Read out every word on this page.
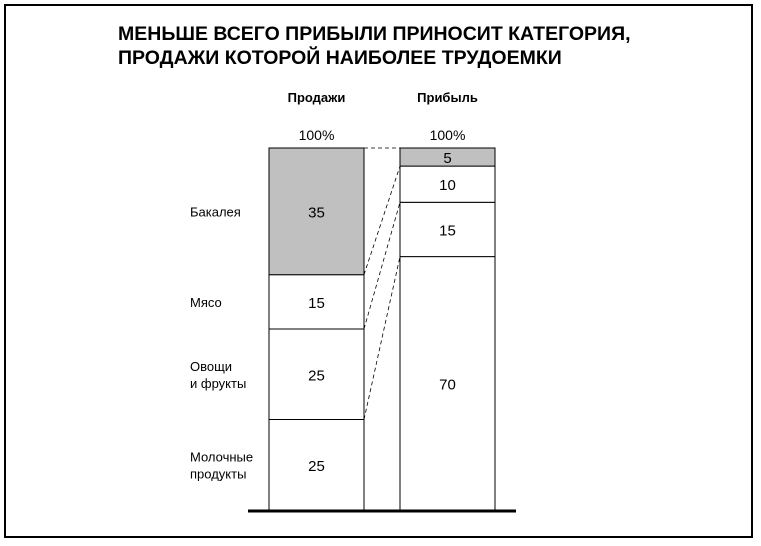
МЕНЬШЕ ВСЕГО ПРИБЫЛИ ПРИНОСИТ КАТЕГОРИЯ,
ПРОДАЖИ КОТОРОЙ НАИБОЛЕЕ ТРУДОЕМКИ
25
25
15
35
70
15
10
5
Продажи
100%
Прибыль
100%
Молочные продукты
Овощи и фрукты
Мясо
Бакалея
